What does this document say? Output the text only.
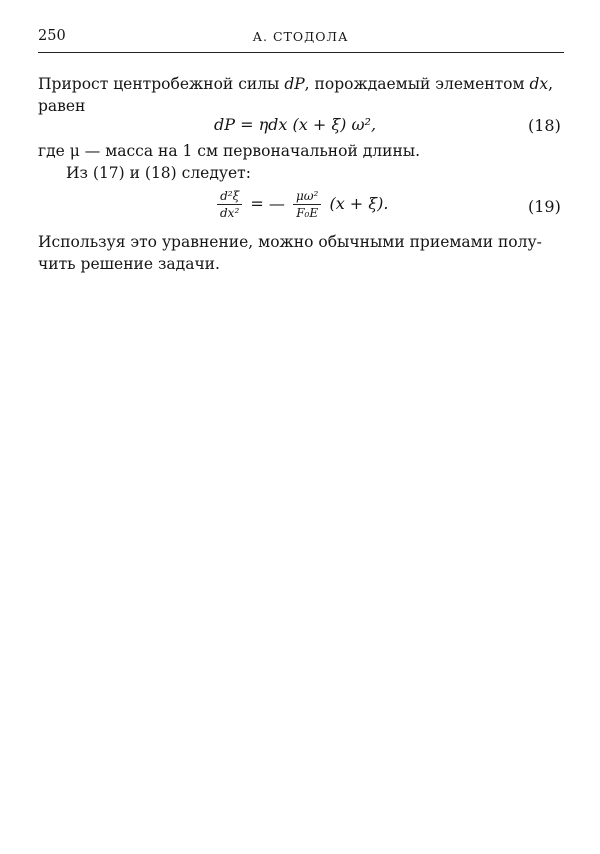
250	А. СТОДОЛА
Прирост центробежной силы dP, порождаемый элементом dx,
равен
dP = ηdx (x + ξ) ω²,	(18)
где μ — масса на 1 см первоначальной длины.
Из (17) и (18) следует:
$\frac{\text{d²ξ}}{\text{dx²}}$ = — $\frac{\text{μω²}}{\text{F₀E}} (x + \xi)$.	(19)
Используя это уравнение, можно обычными приемами полу-
чить решение задачи.
